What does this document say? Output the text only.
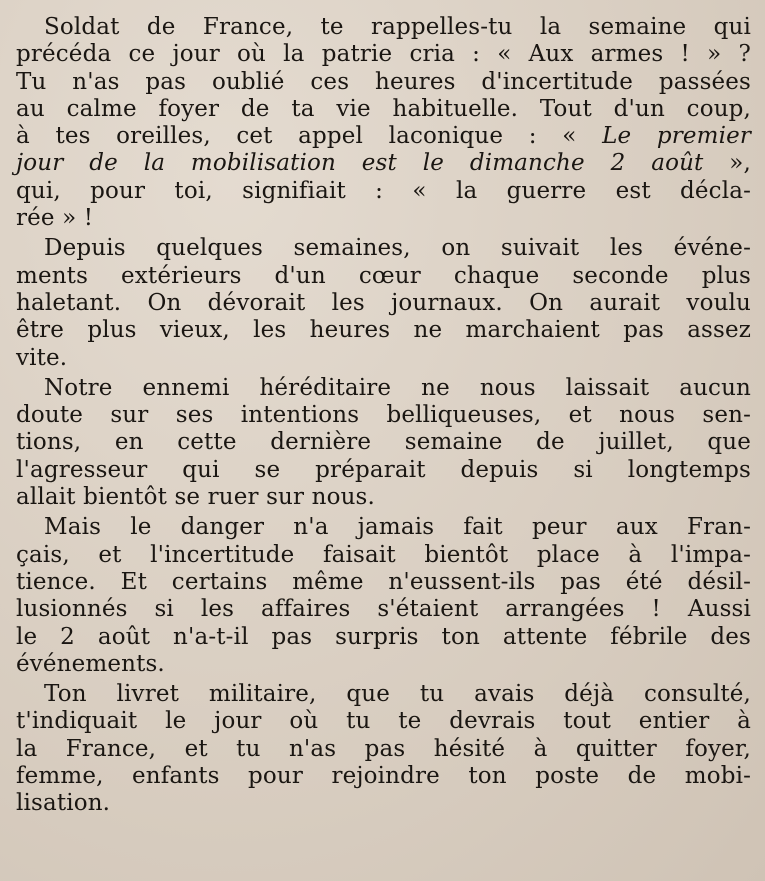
Soldat de France, te rappelles-tu la semaine qui
précéda ce jour où la patrie cria : « Aux armes ! » ?
Tu n'as pas oublié ces heures d'incertitude passées
au calme foyer de ta vie habituelle. Tout d'un coup,
à tes oreilles, cet appel laconique : « Le premier
jour de la mobilisation est le dimanche 2 août »,
qui, pour toi, signifiait : « la guerre est décla-
rée » !

Depuis quelques semaines, on suivait les événe-
ments extérieurs d'un cœur chaque seconde plus
haletant. On dévorait les journaux. On aurait voulu
être plus vieux, les heures ne marchaient pas assez
vite.

Notre ennemi héréditaire ne nous laissait aucun
doute sur ses intentions belliqueuses, et nous sen-
tions, en cette dernière semaine de juillet, que
l'agresseur qui se préparait depuis si longtemps
allait bientôt se ruer sur nous.

Mais le danger n'a jamais fait peur aux Fran-
çais, et l'incertitude faisait bientôt place à l'impa-
tience. Et certains même n'eussent-ils pas été désil-
lusionnés si les affaires s'étaient arrangées ! Aussi
le 2 août n'a-t-il pas surpris ton attente fébrile des
événements.

Ton livret militaire, que tu avais déjà consulté,
t'indiquait le jour où tu te devrais tout entier à
la France, et tu n'as pas hésité à quitter foyer,
femme, enfants pour rejoindre ton poste de mobi-
lisation.
